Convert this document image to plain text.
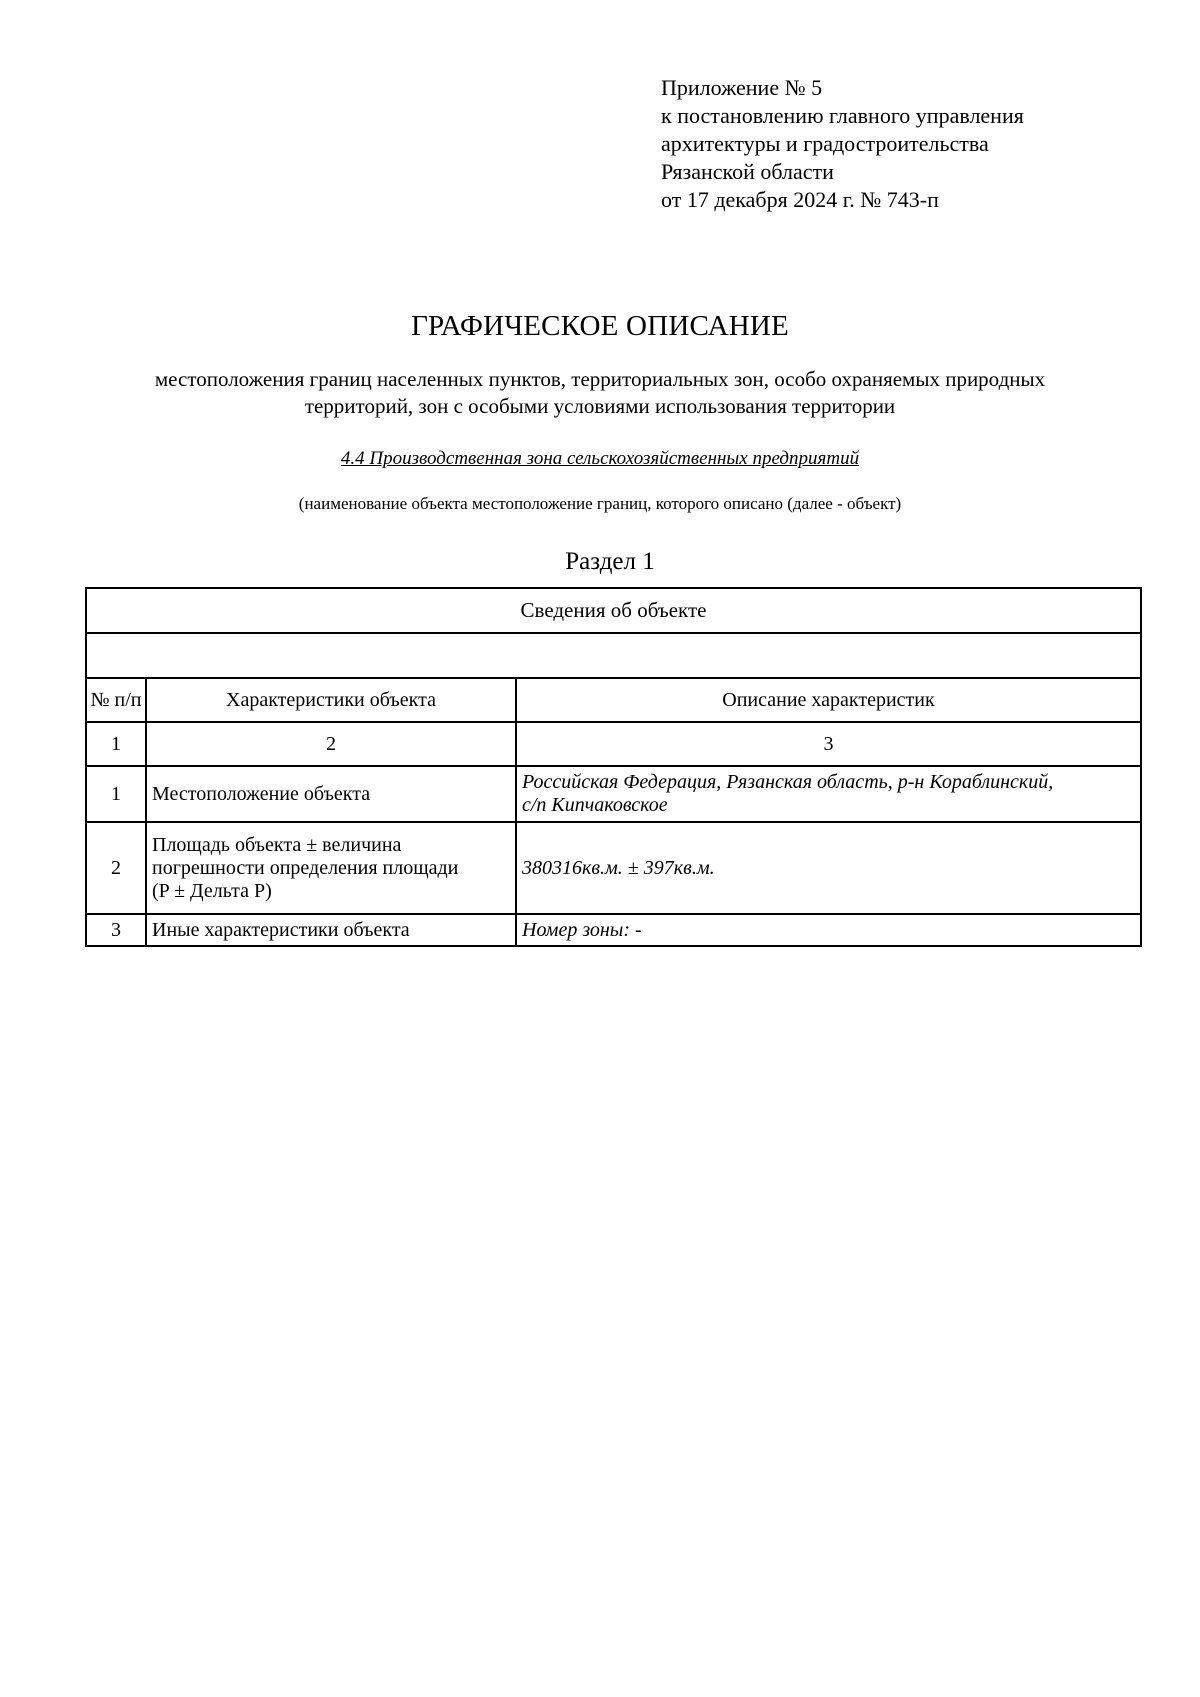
Приложение № 5
к постановлению главного управления
архитектуры и градостроительства
Рязанской области
от 17 декабря 2024 г. № 743-п
ГРАФИЧЕСКОЕ ОПИСАНИЕ
местоположения границ населенных пунктов, территориальных зон, особо охраняемых природных
территорий, зон с особыми условиями использования территории
4.4 Производственная зона сельскохозяйственных предприятий
(наименование объекта местоположение границ, которого описано (далее - объект)
Раздел 1
Сведения об объекте		

№ п/п	Характеристики объекта	Описание характеристик
1	2	3
1	Местоположение объекта	Российская Федерация, Рязанская область, р-н Кораблинский,
с/п Кипчаковское

2	Площадь объекта ± величина
погрешности определения площади
(P ± Дельта P)	380316кв.м. ± 397кв.м.
3	Иные характеристики объекта	Номер зоны: -
